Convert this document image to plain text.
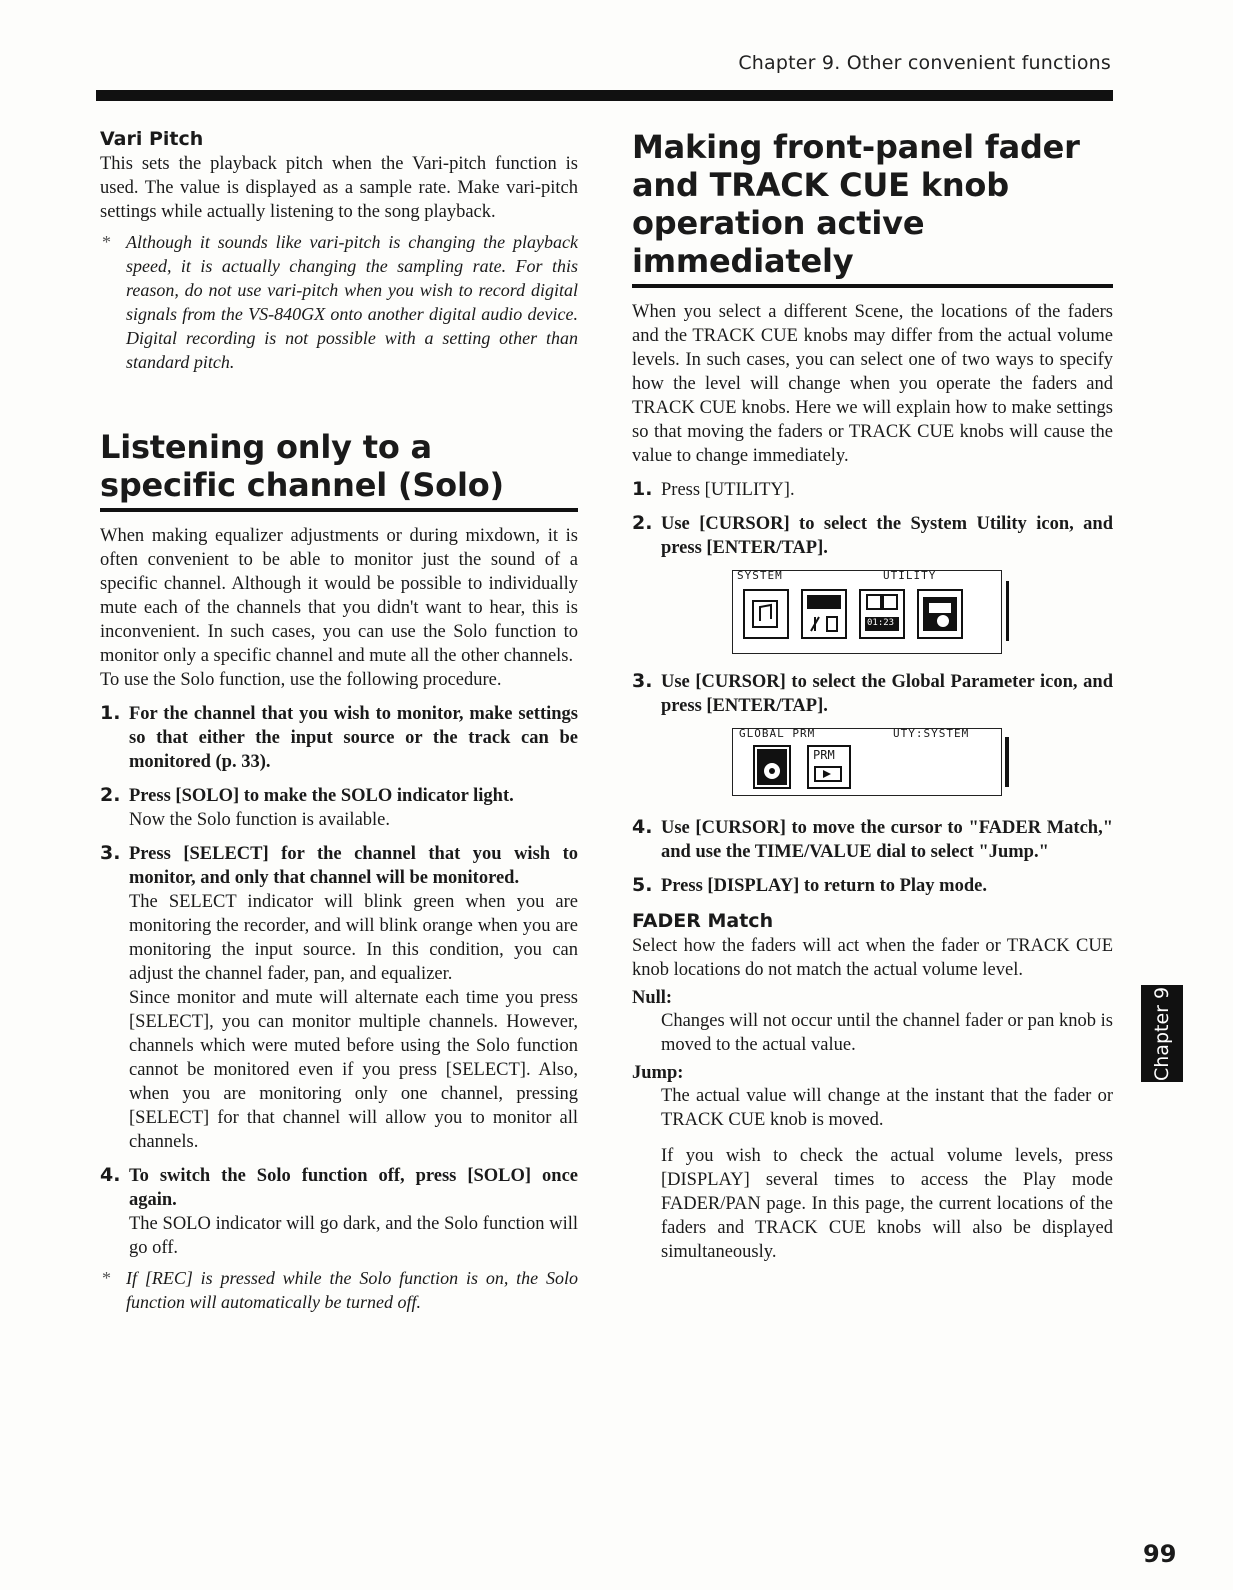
Chapter 9. Other convenient functions
Vari Pitch

This sets the playback pitch when the Vari-pitch function is used. The value is displayed as a sample rate. Make vari-pitch settings while actually listening to the song playback.

* Although it sounds like vari-pitch is changing the playback speed, it is actually changing the sampling rate. For this reason, do not use vari-pitch when you wish to record digital signals from the VS-840GX onto another digital audio device. Digital recording is not possible with a setting other than standard pitch.
Listening only to a specific channel (Solo)

When making equalizer adjustments or during mixdown, it is often convenient to be able to monitor just the sound of a specific channel. Although it would be possible to individually mute each of the channels that you didn't want to hear, this is inconvenient. In such cases, you can use the Solo function to monitor only a specific channel and mute all the other channels.

To use the Solo function, use the following procedure.

1. For the channel that you wish to monitor, make settings so that either the input source or the track can be monitored (p. 33).
2. Press [SOLO] to make the SOLO indicator light.
Now the Solo function is available.
3. Press [SELECT] for the channel that you wish to monitor, and only that channel will be monitored.
The SELECT indicator will blink green when you are monitoring the recorder, and will blink orange when you are monitoring the input source. In this condition, you can adjust the channel fader, pan, and equalizer.
Since monitor and mute will alternate each time you press [SELECT], you can monitor multiple channels. However, channels which were muted before using the Solo function cannot be monitored even if you press [SELECT]. Also, when you are monitoring only one channel, pressing [SELECT] for that channel will allow you to monitor all channels.
4. To switch the Solo function off, press [SOLO] once again.
The SOLO indicator will go dark, and the Solo function will go off.
* If [REC] is pressed while the Solo function is on, the Solo function will automatically be turned off.
Making front-panel fader and TRACK CUE knob operation active immediately

When you select a different Scene, the locations of the faders and the TRACK CUE knobs may differ from the actual volume levels. In such cases, you can select one of two ways to specify how the level will change when you operate the faders and TRACK CUE knobs. Here we will explain how to make settings so that moving the faders or TRACK CUE knobs will cause the value to change immediately.

1. Press [UTILITY].
2. Use [CURSOR] to select the System Utility icon, and press [ENTER/TAP].
SYSTEM	UTILITY
01:23
3. Use [CURSOR] to select the Global Parameter icon, and press [ENTER/TAP].
GLOBAL PRM	UTY:SYSTEM
PRM
4. Use [CURSOR] to move the cursor to "FADER Match," and use the TIME/VALUE dial to select "Jump."
5. Press [DISPLAY] to return to Play mode.
FADER Match

Select how the faders will act when the fader or TRACK CUE knob locations do not match the actual volume level.

Null:
Changes will not occur until the channel fader or pan knob is moved to the actual value.
Jump:
The actual value will change at the instant that the fader or TRACK CUE knob is moved.
If you wish to check the actual volume levels, press [DISPLAY] several times to access the Play mode FADER/PAN page. In this page, the current locations of the faders and TRACK CUE knobs will also be displayed simultaneously.
Chapter 9
99
